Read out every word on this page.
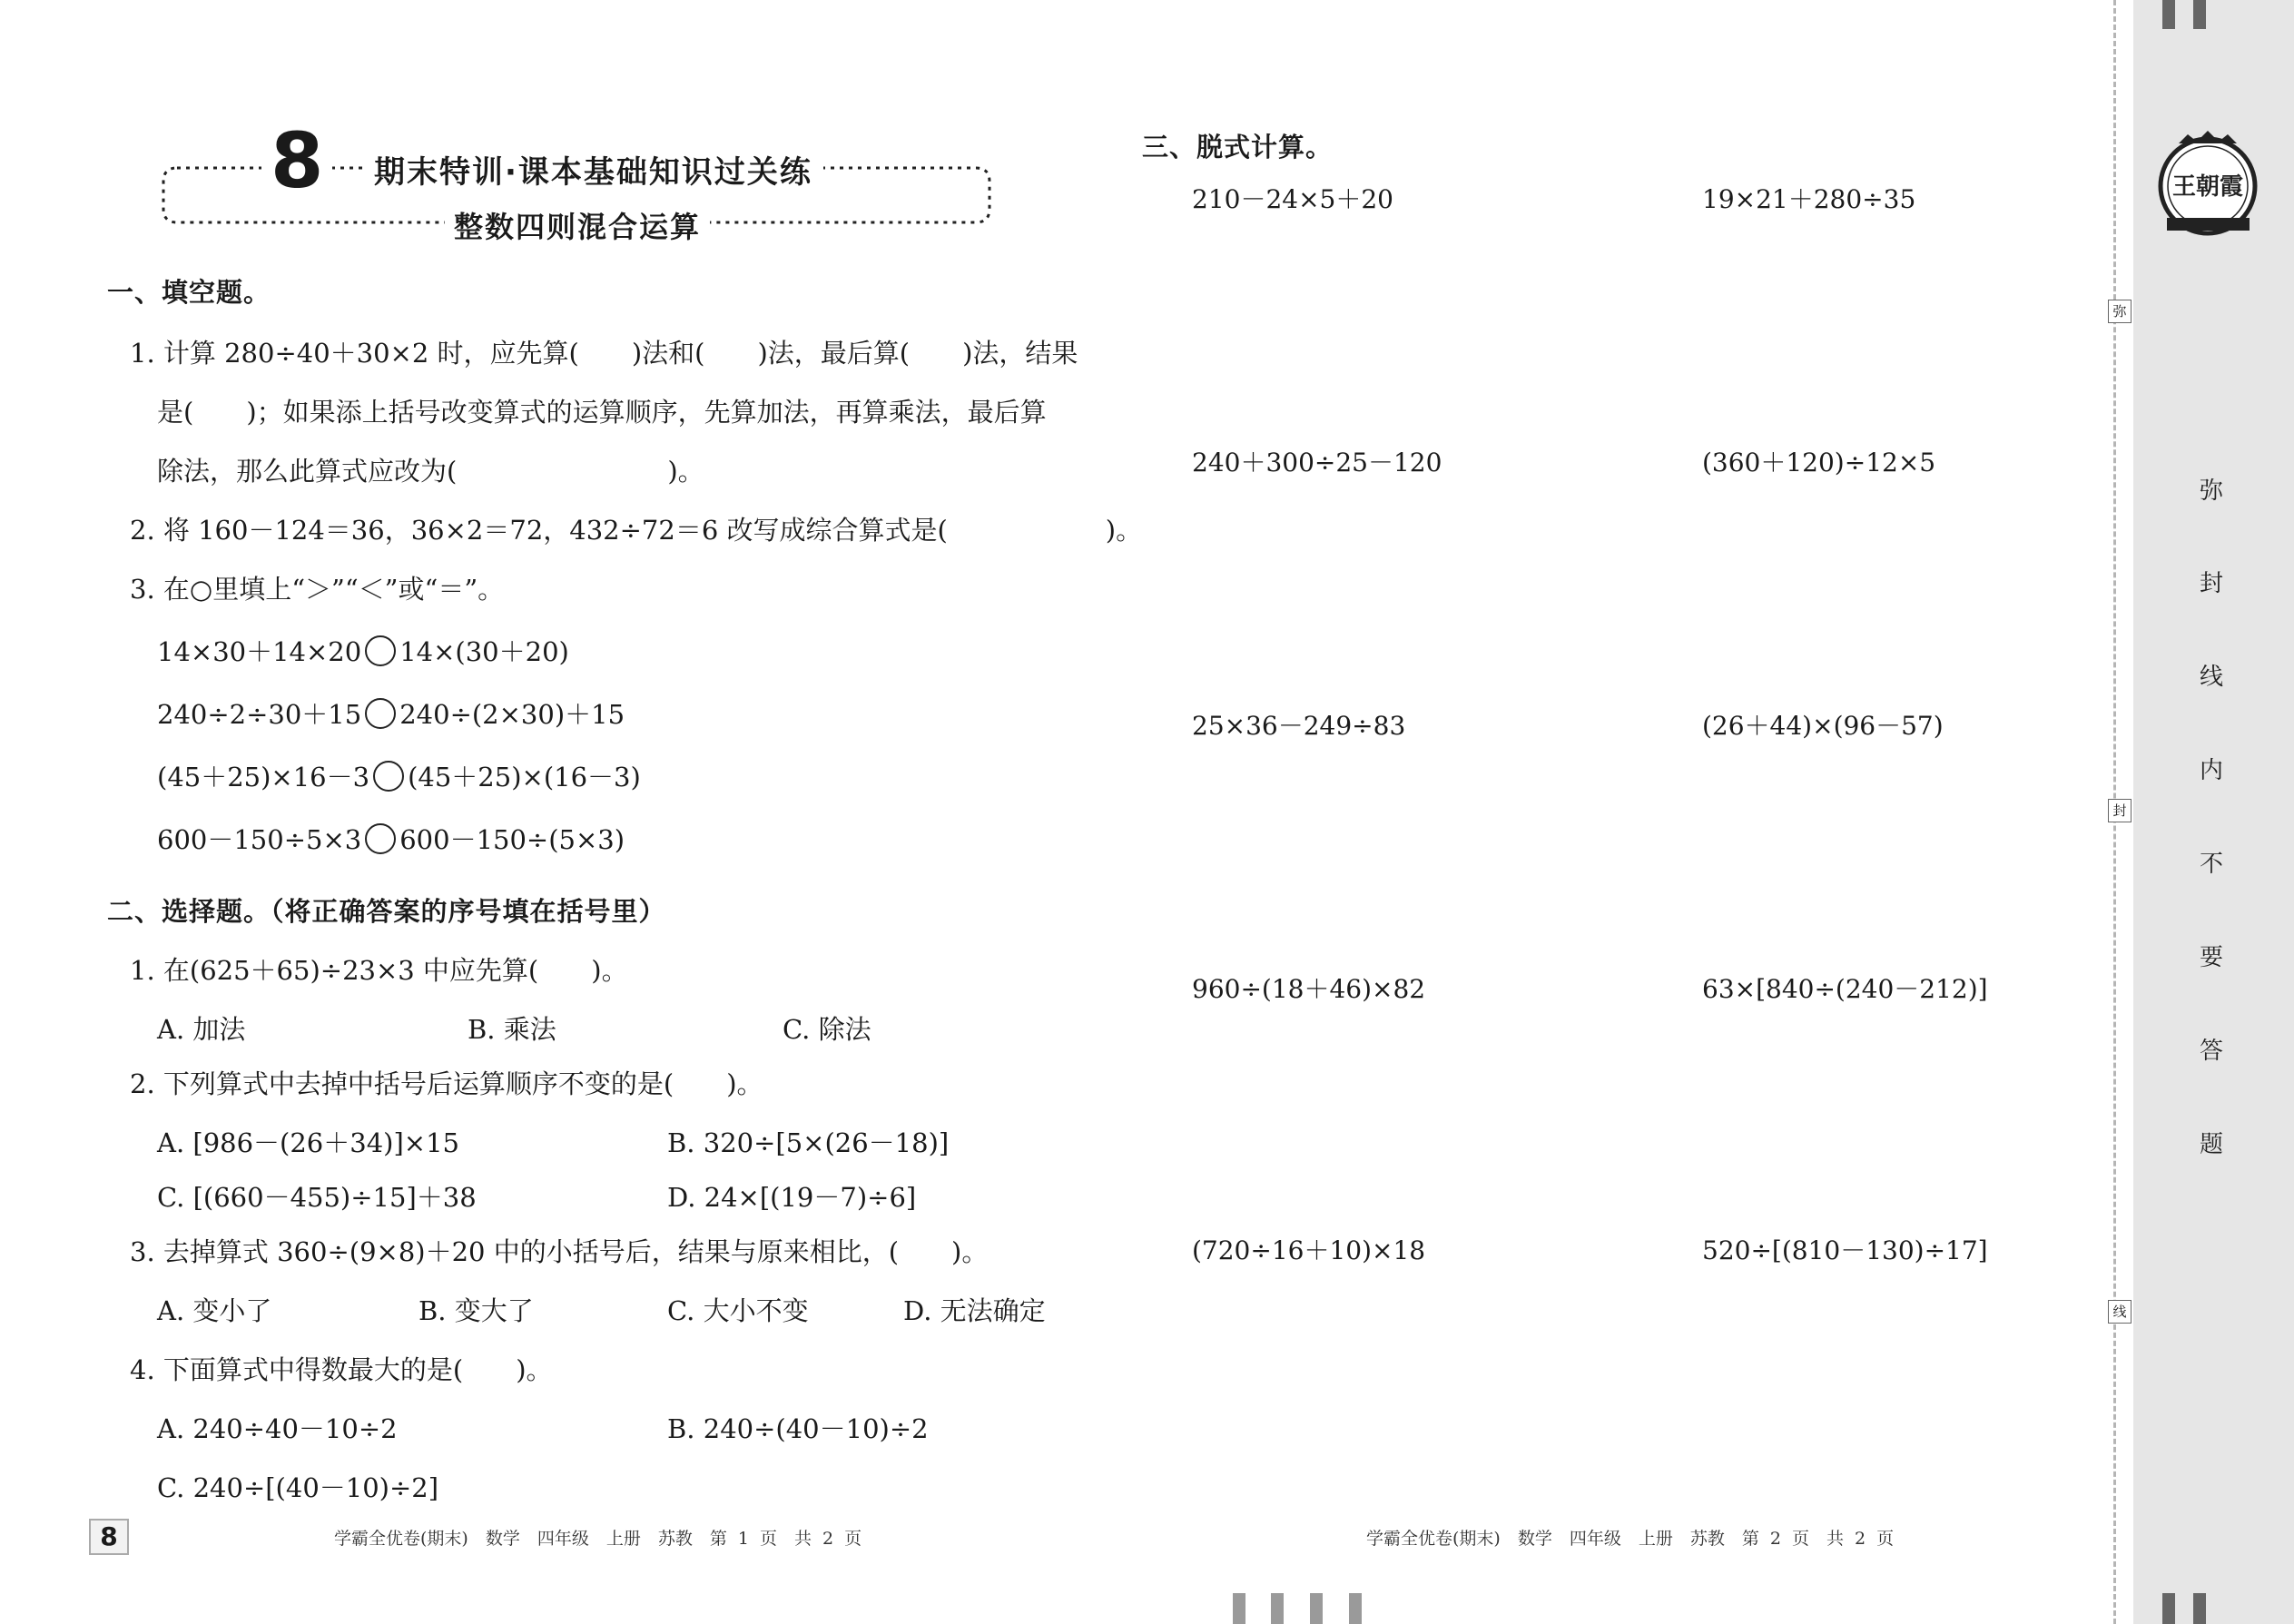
8	期末特训·课本基础知识过关练
整数四则混合运算
一、填空题。
1. 计算 280÷40＋30×2 时，应先算(　　)法和(　　)法，最后算(　　)法，结果
是(　　)；如果添上括号改变算式的运算顺序，先算加法，再算乘法，最后算
除法，那么此算式应改为(　　　　　　　　)。
2. 将 160－124＝36，36×2＝72，432÷72＝6 改写成综合算式是(　　　　　　)。
3. 在○里填上“＞”“＜”或“＝”。
14×30＋14×20 14×(30＋20)
240÷2÷30＋15 240÷(2×30)＋15
(45＋25)×16－3 (45＋25)×(16－3)
600－150÷5×3 600－150÷(5×3)
二、选择题。（将正确答案的序号填在括号里）
1. 在(625＋65)÷23×3 中应先算(　　)。
A. 加法	B. 乘法	C. 除法
2. 下列算式中去掉中括号后运算顺序不变的是(　　)。
A. [986－(26＋34)]×15	B. 320÷[5×(26－18)]
C. [(660－455)÷15]＋38	D. 24×[(19－7)÷6]
3. 去掉算式 360÷(9×8)＋20 中的小括号后，结果与原来相比，(　　)。
A. 变小了	B. 变大了	C. 大小不变	D. 无法确定
4. 下面算式中得数最大的是(　　)。
A. 240÷40－10÷2	B. 240÷(40－10)÷2
C. 240÷[(40－10)÷2]
三、脱式计算。
210－24×5＋20	19×21＋280÷35
240＋300÷25－120	(360＋120)÷12×5
25×36－249÷83	(26＋44)×(96－57)
960÷(18＋46)×82	63×[840÷(240－212)]
(720÷16＋10)×18	520÷[(810－130)÷17]
8	学霸全优卷(期末)　数学　四年级　上册　苏教　第 1 页　共 2 页	学霸全优卷(期末)　数学　四年级　上册　苏教　第 2 页　共 2 页
王朝霞
弥
封
线
内
不
要
答
题
弥
封
线
